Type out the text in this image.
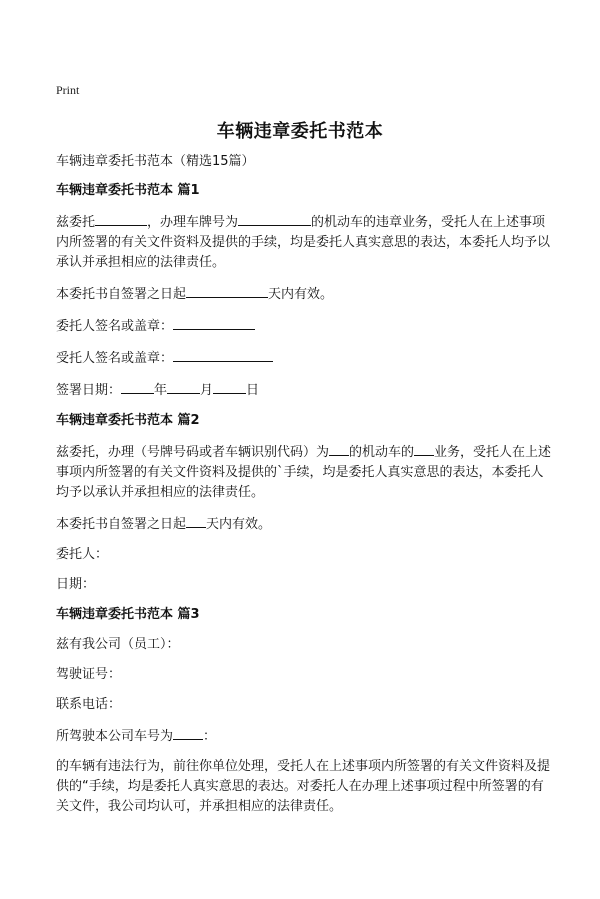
Print
车辆违章委托书范本

车辆违章委托书范本（精选15篇）

车辆违章委托书范本 篇1

兹委托	，办理车牌号为	的机动车的违章业务，受托人在上述事项内所签署的有关文件资料及提供的手续，均是委托人真实意思的表达，本委托人均予以承认并承担相应的法律责任。

本委托书自签署之日起	天内有效。

委托人签名或盖章：

受托人签名或盖章：

签署日期：	年	月	日

车辆违章委托书范本 篇2

兹委托，办理（号牌号码或者车辆识别代码）为 的机动车的 业务，受托人在上述事项内所签署的有关文件资料及提供的`手续，均是委托人真实意思的表达，本委托人均予以承认并承担相应的法律责任。

本委托书自签署之日起 天内有效。

委托人：

日期：

车辆违章委托书范本 篇3

兹有我公司（员工）：

驾驶证号：

联系电话：

所驾驶本公司车号为 ：

的车辆有违法行为，前往你单位处理，受托人在上述事项内所签署的有关文件资料及提供的“手续，均是委托人真实意思的表达。对委托人在办理上述事项过程中所签署的有关文件，我公司均认可，并承担相应的法律责任。
